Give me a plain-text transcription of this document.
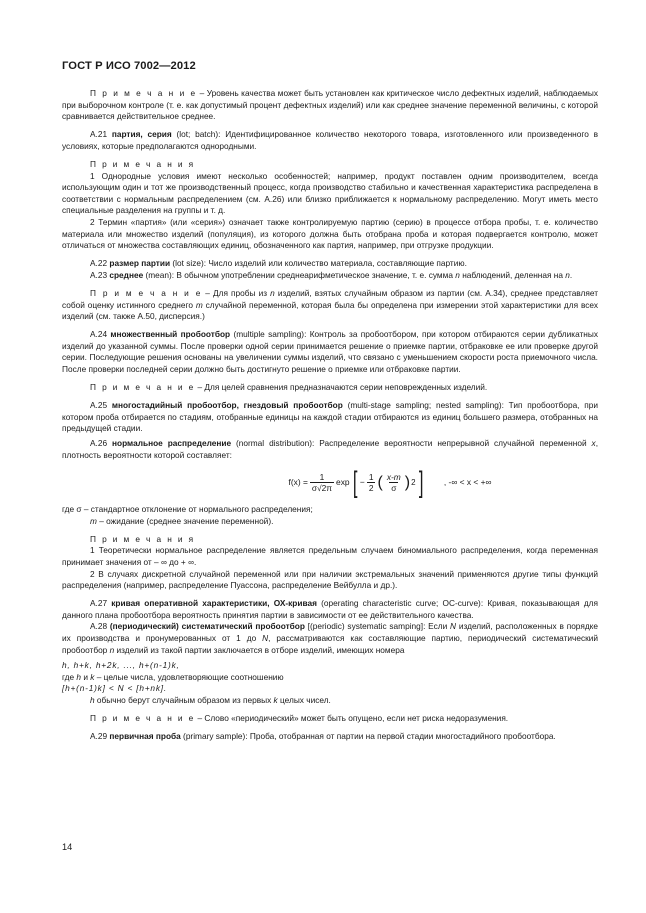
ГОСТ Р ИСО 7002—2012

П р и м е ч а н и е – Уровень качества может быть установлен как критическое число дефектных изделий, наблюдаемых при выборочном контроле (т. е. как допустимый процент дефектных изделий) или как среднее значение переменной величины, с которой сравнивается действительное среднее.

А.21 партия, серия (lot; batch): Идентифицированное количество некоторого товара, изготовленного или произведенного в условиях, которые предполагаются однородными.

П р и м е ч а н и я

1 Однородные условия имеют несколько особенностей; например, продукт поставлен одним производителем, всегда использующим один и тот же производственный процесс, когда производство стабильно и качественная характеристика распределена в соответствии с нормальным распределением (см. А.26) или близко приближается к нормальному распределению. Могут иметь место специальные разделения на группы и т. д.

2 Термин «партия» (или «серия») означает также контролируемую партию (серию) в процессе отбора пробы, т. е. количество материала или множество изделий (популяция), из которого должна быть отобрана проба и которая подвергается контролю, может отличаться от множества составляющих единиц, обозначенного как партия, например, при отгрузке продукции.

А.22 размер партии (lot size): Число изделий или количество материала, составляющие партию.

А.23 среднее (mean): В обычном употреблении среднеарифметическое значение, т. е. сумма n наблюдений, деленная на n.

П р и м е ч а н и е – Для пробы из n изделий, взятых случайным образом из партии (см. А.34), среднее представляет собой оценку истинного среднего m случайной переменной, которая была бы определена при измерении этой характеристики для всех изделий (см. также А.50, дисперсия.)

А.24 множественный пробоотбор (multiple sampling): Контроль за пробоотбором, при котором отбираются серии дубликатных изделий до указанной суммы. После проверки одной серии принимается решение о приемке партии, отбраковке ее или проверке другой серии. Последующие решения основаны на увеличении суммы изделий, что связано с уменьшением скорости роста приемочного числа. После проверки последней серии должно быть достигнуто решение о приемке или отбраковке партии.

П р и м е ч а н и е – Для целей сравнения предназначаются серии неповрежденных изделий.

А.25 многостадийный пробоотбор, гнездовый пробоотбор (multi-stage sampling; nested sampling): Тип пробоотбора, при котором проба отбирается по стадиям, отобранные единицы на каждой стадии отбираются из единиц большего размера, отобранных на предыдущей стадии.

А.26 нормальное распределение (normal distribution): Распределение вероятности непрерывной случайной переменной x, плотность вероятности которой составляет:

$f(x) = \frac{1}{\sigma√2\pi}$ exp [ − $\frac{1}{2}$ ( $\frac{x-m}{\sigma}$ ) 2 ] , -∞ < x < +∞

где σ – стандартное отклонение от нормального распределения;

m – ожидание (среднее значение переменной).

П р и м е ч а н и я

1 Теоретически нормальное распределение является предельным случаем биномиального распределения, когда переменная принимает значения от – ∞ до + ∞.

2 В случаях дискретной случайной переменной или при наличии экстремальных значений применяются другие типы функций распределения (например, распределение Пуассона, распределение Вейбулла и др.).

А.27 кривая оперативной характеристики, ОХ-кривая (operating characteristic curve; OC-curve): Кривая, показывающая для данного плана пробоотбора вероятность принятия партии в зависимости от ее действительного качества.

А.28 (периодический) систематический пробоотбор [(periodic) systematic samping]: Если N изделий, расположенных в порядке их производства и пронумерованных от 1 до N, рассматриваются как составляющие партию, периодический систематический пробоотбор n изделий из такой партии заключается в отборе изделий, имеющих номера

h, h+k, h+2k, ..., h+(n-1)k,

где h и k – целые числа, удовлетворяющие соотношению

[h+(n-1)k] < N < [h+nk].

h обычно берут случайным образом из первых k целых чисел.

П р и м е ч а н и е – Слово «периодический» может быть опущено, если нет риска недоразумения.

А.29 первичная проба (primary sample): Проба, отобранная от партии на первой стадии многостадийного пробоотбора.

14
